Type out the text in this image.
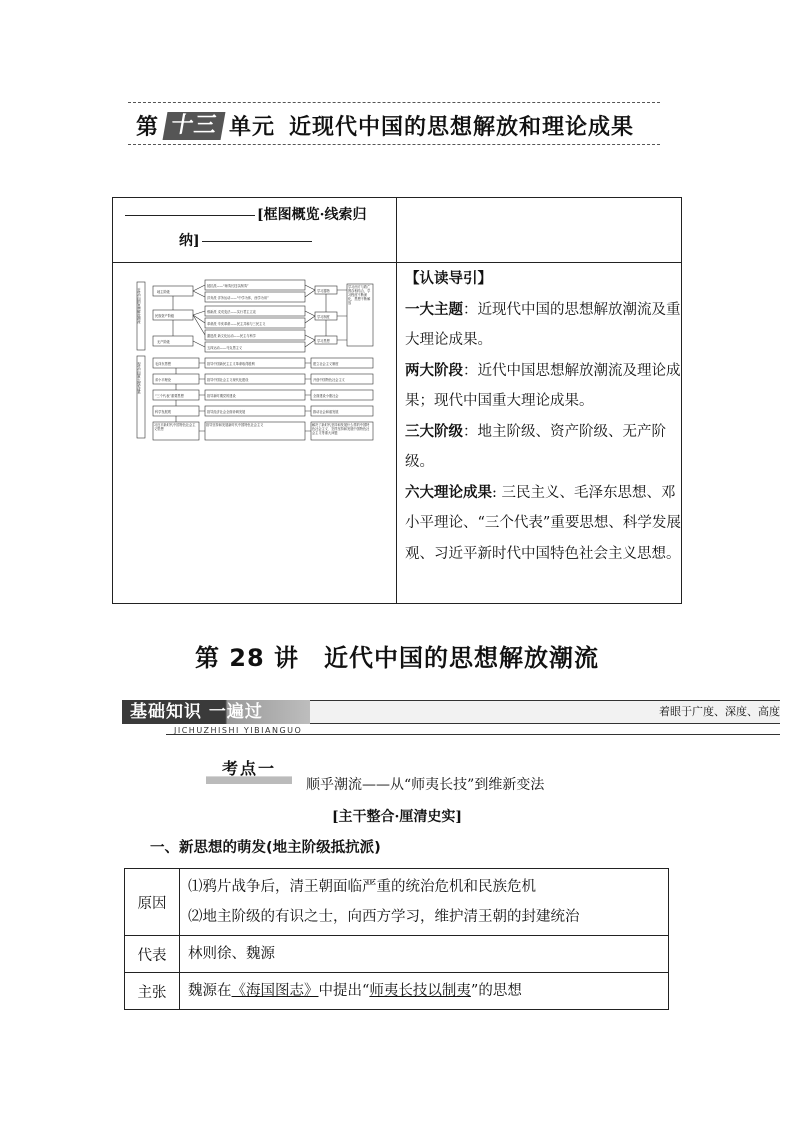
第 十三 单元 近现代中国的思想解放和理论成果
[框图概览·线索归
纳]
近代中国的思想解放潮流
现代中国重大理论成果
地主阶级
民族资产阶级
无产阶级
抵抗派——“师夷长技以制夷”
洋务派 洋务运动——“中学为体，西学为用”
维新派 戊戌变法——实行君主立宪
革命派 辛亥革命——民主共和与三民主义
激进派 新文化运动——民主与科学
五四运动——马克思主义
学习器物
学习制度
学习思想
学习西方与救亡图存相结合，学习程度不断深化，思想不断解放
毛泽东思想	指导中国新民主主义革命取得胜利	建立社会主义制度
邓小平理论	指导中国社会主义现代化建设	开创中国特色社会主义
“三个代表”重要思想	指导新时期党的建设	全面建设小康社会
科学发展观	指导经济社会全面协调发展	推动社会和谐发展
习近平新时代中国特色社会主义思想
指导坚持和发展新时代中国特色社会主义	解决了新时代坚持和发展什么样的中国特色社会主义、怎样坚持和发展中国特色社会主义等重大问题
【认读导引】
一大主题：近现代中国的思想解放潮流及重大理论成果。
两大阶段：近代中国思想解放潮流及理论成果；现代中国重大理论成果。
三大阶级：地主阶级、资产阶级、无产阶级。
六大理论成果: 三民主义、毛泽东思想、邓小平理论、“三个代表”重要思想、科学发展观、习近平新时代中国特色社会主义思想。
第 28 讲　近代中国的思想解放潮流
基础知识 一遍过	着眼于广度、深度、高度
JICHUZHISHI YIBIANGUO
考点一
顺乎潮流——从“师夷长技”到维新变法
[主干整合·厘清史实]
一、新思想的萌发(地主阶级抵抗派)
原因	⑴鸦片战争后，清王朝面临严重的统治危机和民族危机
⑵地主阶级的有识之士，向西方学习，维护清王朝的封建统治

代表	林则徐、魏源
主张	魏源在《海国图志》中提出“师夷长技以制夷”的思想
